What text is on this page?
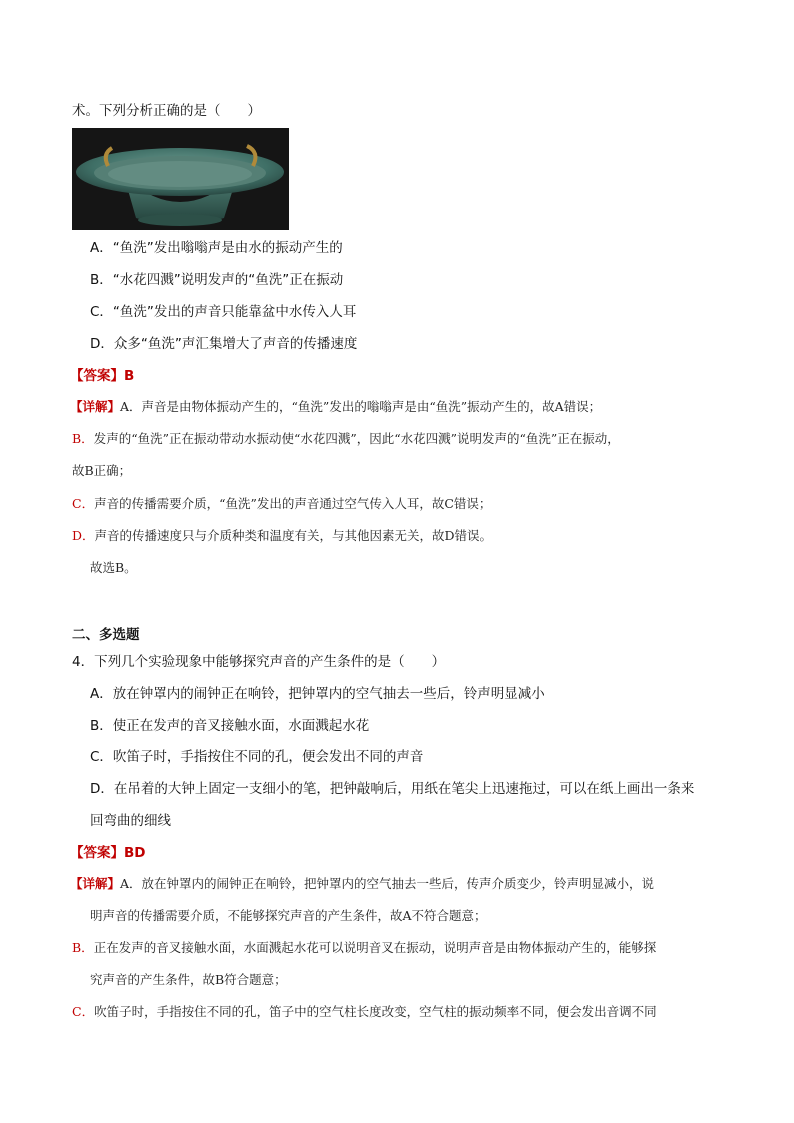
术。下列分析正确的是（　　）
A．“鱼洗”发出嗡嗡声是由水的振动产生的
B．“水花四溅”说明发声的“鱼洗”正在振动
C．“鱼洗”发出的声音只能靠盆中水传入人耳
D．众多“鱼洗”声汇集增大了声音的传播速度
【答案】B
【详解】A．声音是由物体振动产生的，“鱼洗”发出的嗡嗡声是由“鱼洗”振动产生的，故A错误；
B．发声的“鱼洗”正在振动带动水振动使“水花四溅”，因此“水花四溅”说明发声的“鱼洗”正在振动，
故B正确；
C．声音的传播需要介质，“鱼洗”发出的声音通过空气传入人耳，故C错误；
D．声音的传播速度只与介质种类和温度有关，与其他因素无关，故D错误。
故选B。
二、多选题
4．下列几个实验现象中能够探究声音的产生条件的是（　　）
A．放在钟罩内的闹钟正在响铃，把钟罩内的空气抽去一些后，铃声明显减小
B．使正在发声的音叉接触水面，水面溅起水花
C．吹笛子时，手指按住不同的孔，便会发出不同的声音
D．在吊着的大钟上固定一支细小的笔，把钟敲响后，用纸在笔尖上迅速拖过，可以在纸上画出一条来
回弯曲的细线
【答案】BD
【详解】A．放在钟罩内的闹钟正在响铃，把钟罩内的空气抽去一些后，传声介质变少，铃声明显减小，说
明声音的传播需要介质，不能够探究声音的产生条件，故A不符合题意；
B．正在发声的音叉接触水面，水面溅起水花可以说明音叉在振动，说明声音是由物体振动产生的，能够探
究声音的产生条件，故B符合题意；
C．吹笛子时，手指按住不同的孔，笛子中的空气柱长度改变，空气柱的振动频率不同，便会发出音调不同
